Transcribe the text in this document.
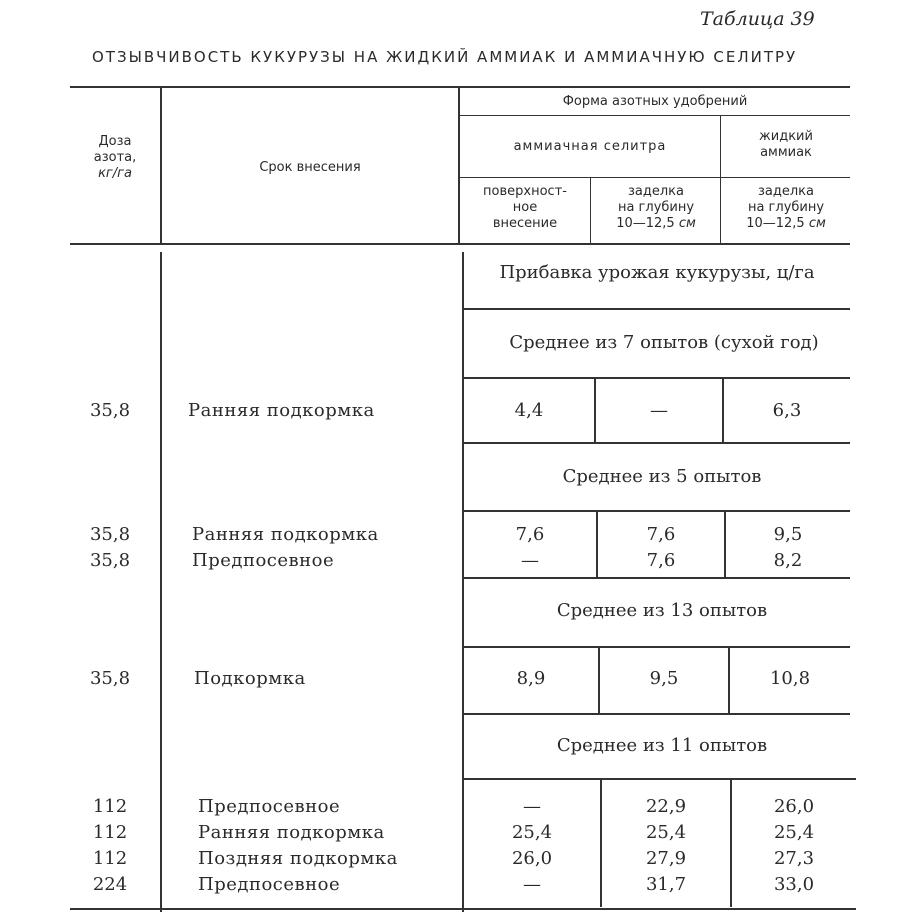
Таблица 39
ОТЗЫВЧИВОСТЬ КУКУРУЗЫ НА ЖИДКИЙ АММИАК И АММИАЧНУЮ СЕЛИТРУ
Доза
азота,
кг/га	Срок внесения
Форма азотных удобрений
аммиачная селитра
жидкий
аммиак
поверхност-
ное
внесение
заделка
на глубину
10—12,5 см
заделка
на глубину
10—12,5 см
Прибавка урожая кукурузы, ц/га
Среднее из 7 опытов (сухой год)
35,8	Ранняя подкормка	4,4	—	6,3
Среднее из 5 опытов
35,8	Ранняя подкормка	7,6	7,6	9,5
35,8	Предпосевное	—	7,6	8,2
Среднее из 13 опытов
35,8	Подкормка	8,9	9,5	10,8
Среднее из 11 опытов
112	Предпосевное	—	22,9	26,0
112	Ранняя подкормка	25,4	25,4	25,4
112	Поздняя подкормка	26,0	27,9	27,3
224	Предпосевное	—	31,7	33,0
